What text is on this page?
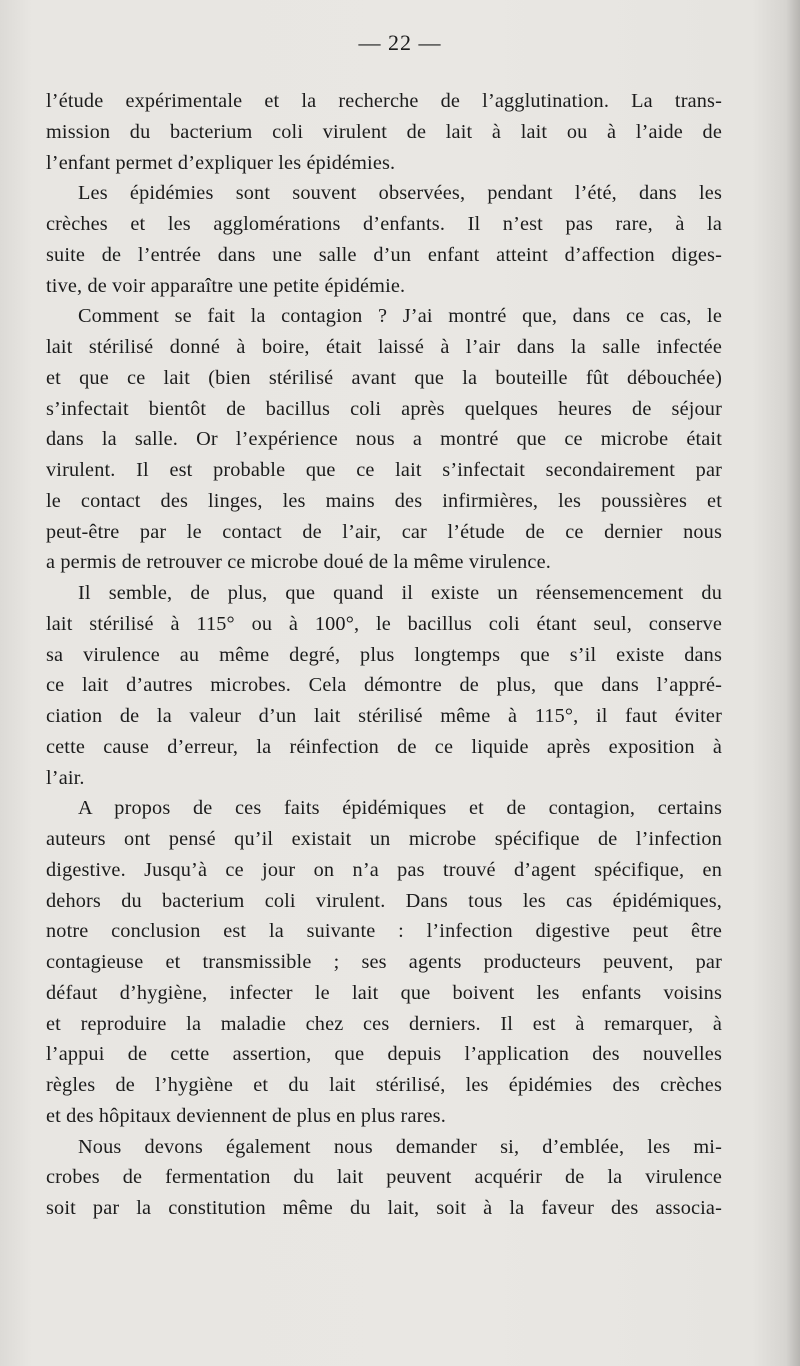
— 22 —
l’étude expérimentale et la recherche de l’agglutination. La trans-
mission du bacterium coli virulent de lait à lait ou à l’aide de
l’enfant permet d’expliquer les épidémies.
Les épidémies sont souvent observées, pendant l’été, dans les
crèches et les agglomérations d’enfants. Il n’est pas rare, à la
suite de l’entrée dans une salle d’un enfant atteint d’affection diges-
tive, de voir apparaître une petite épidémie.
Comment se fait la contagion ? J’ai montré que, dans ce cas, le
lait stérilisé donné à boire, était laissé à l’air dans la salle infectée
et que ce lait (bien stérilisé avant que la bouteille fût débouchée)
s’infectait bientôt de bacillus coli après quelques heures de séjour
dans la salle. Or l’expérience nous a montré que ce microbe était
virulent. Il est probable que ce lait s’infectait secondairement par
le contact des linges, les mains des infirmières, les poussières et
peut-être par le contact de l’air, car l’étude de ce dernier nous
a permis de retrouver ce microbe doué de la même virulence.
Il semble, de plus, que quand il existe un réensemencement du
lait stérilisé à 115° ou à 100°, le bacillus coli étant seul, conserve
sa virulence au même degré, plus longtemps que s’il existe dans
ce lait d’autres microbes. Cela démontre de plus, que dans l’appré-
ciation de la valeur d’un lait stérilisé même à 115°, il faut éviter
cette cause d’erreur, la réinfection de ce liquide après exposition à
l’air.
A propos de ces faits épidémiques et de contagion, certains
auteurs ont pensé qu’il existait un microbe spécifique de l’infection
digestive. Jusqu’à ce jour on n’a pas trouvé d’agent spécifique, en
dehors du bacterium coli virulent. Dans tous les cas épidémiques,
notre conclusion est la suivante : l’infection digestive peut être
contagieuse et transmissible ; ses agents producteurs peuvent, par
défaut d’hygiène, infecter le lait que boivent les enfants voisins
et reproduire la maladie chez ces derniers. Il est à remarquer, à
l’appui de cette assertion, que depuis l’application des nouvelles
règles de l’hygiène et du lait stérilisé, les épidémies des crèches
et des hôpitaux deviennent de plus en plus rares.
Nous devons également nous demander si, d’emblée, les mi-
crobes de fermentation du lait peuvent acquérir de la virulence
soit par la constitution même du lait, soit à la faveur des associa-
